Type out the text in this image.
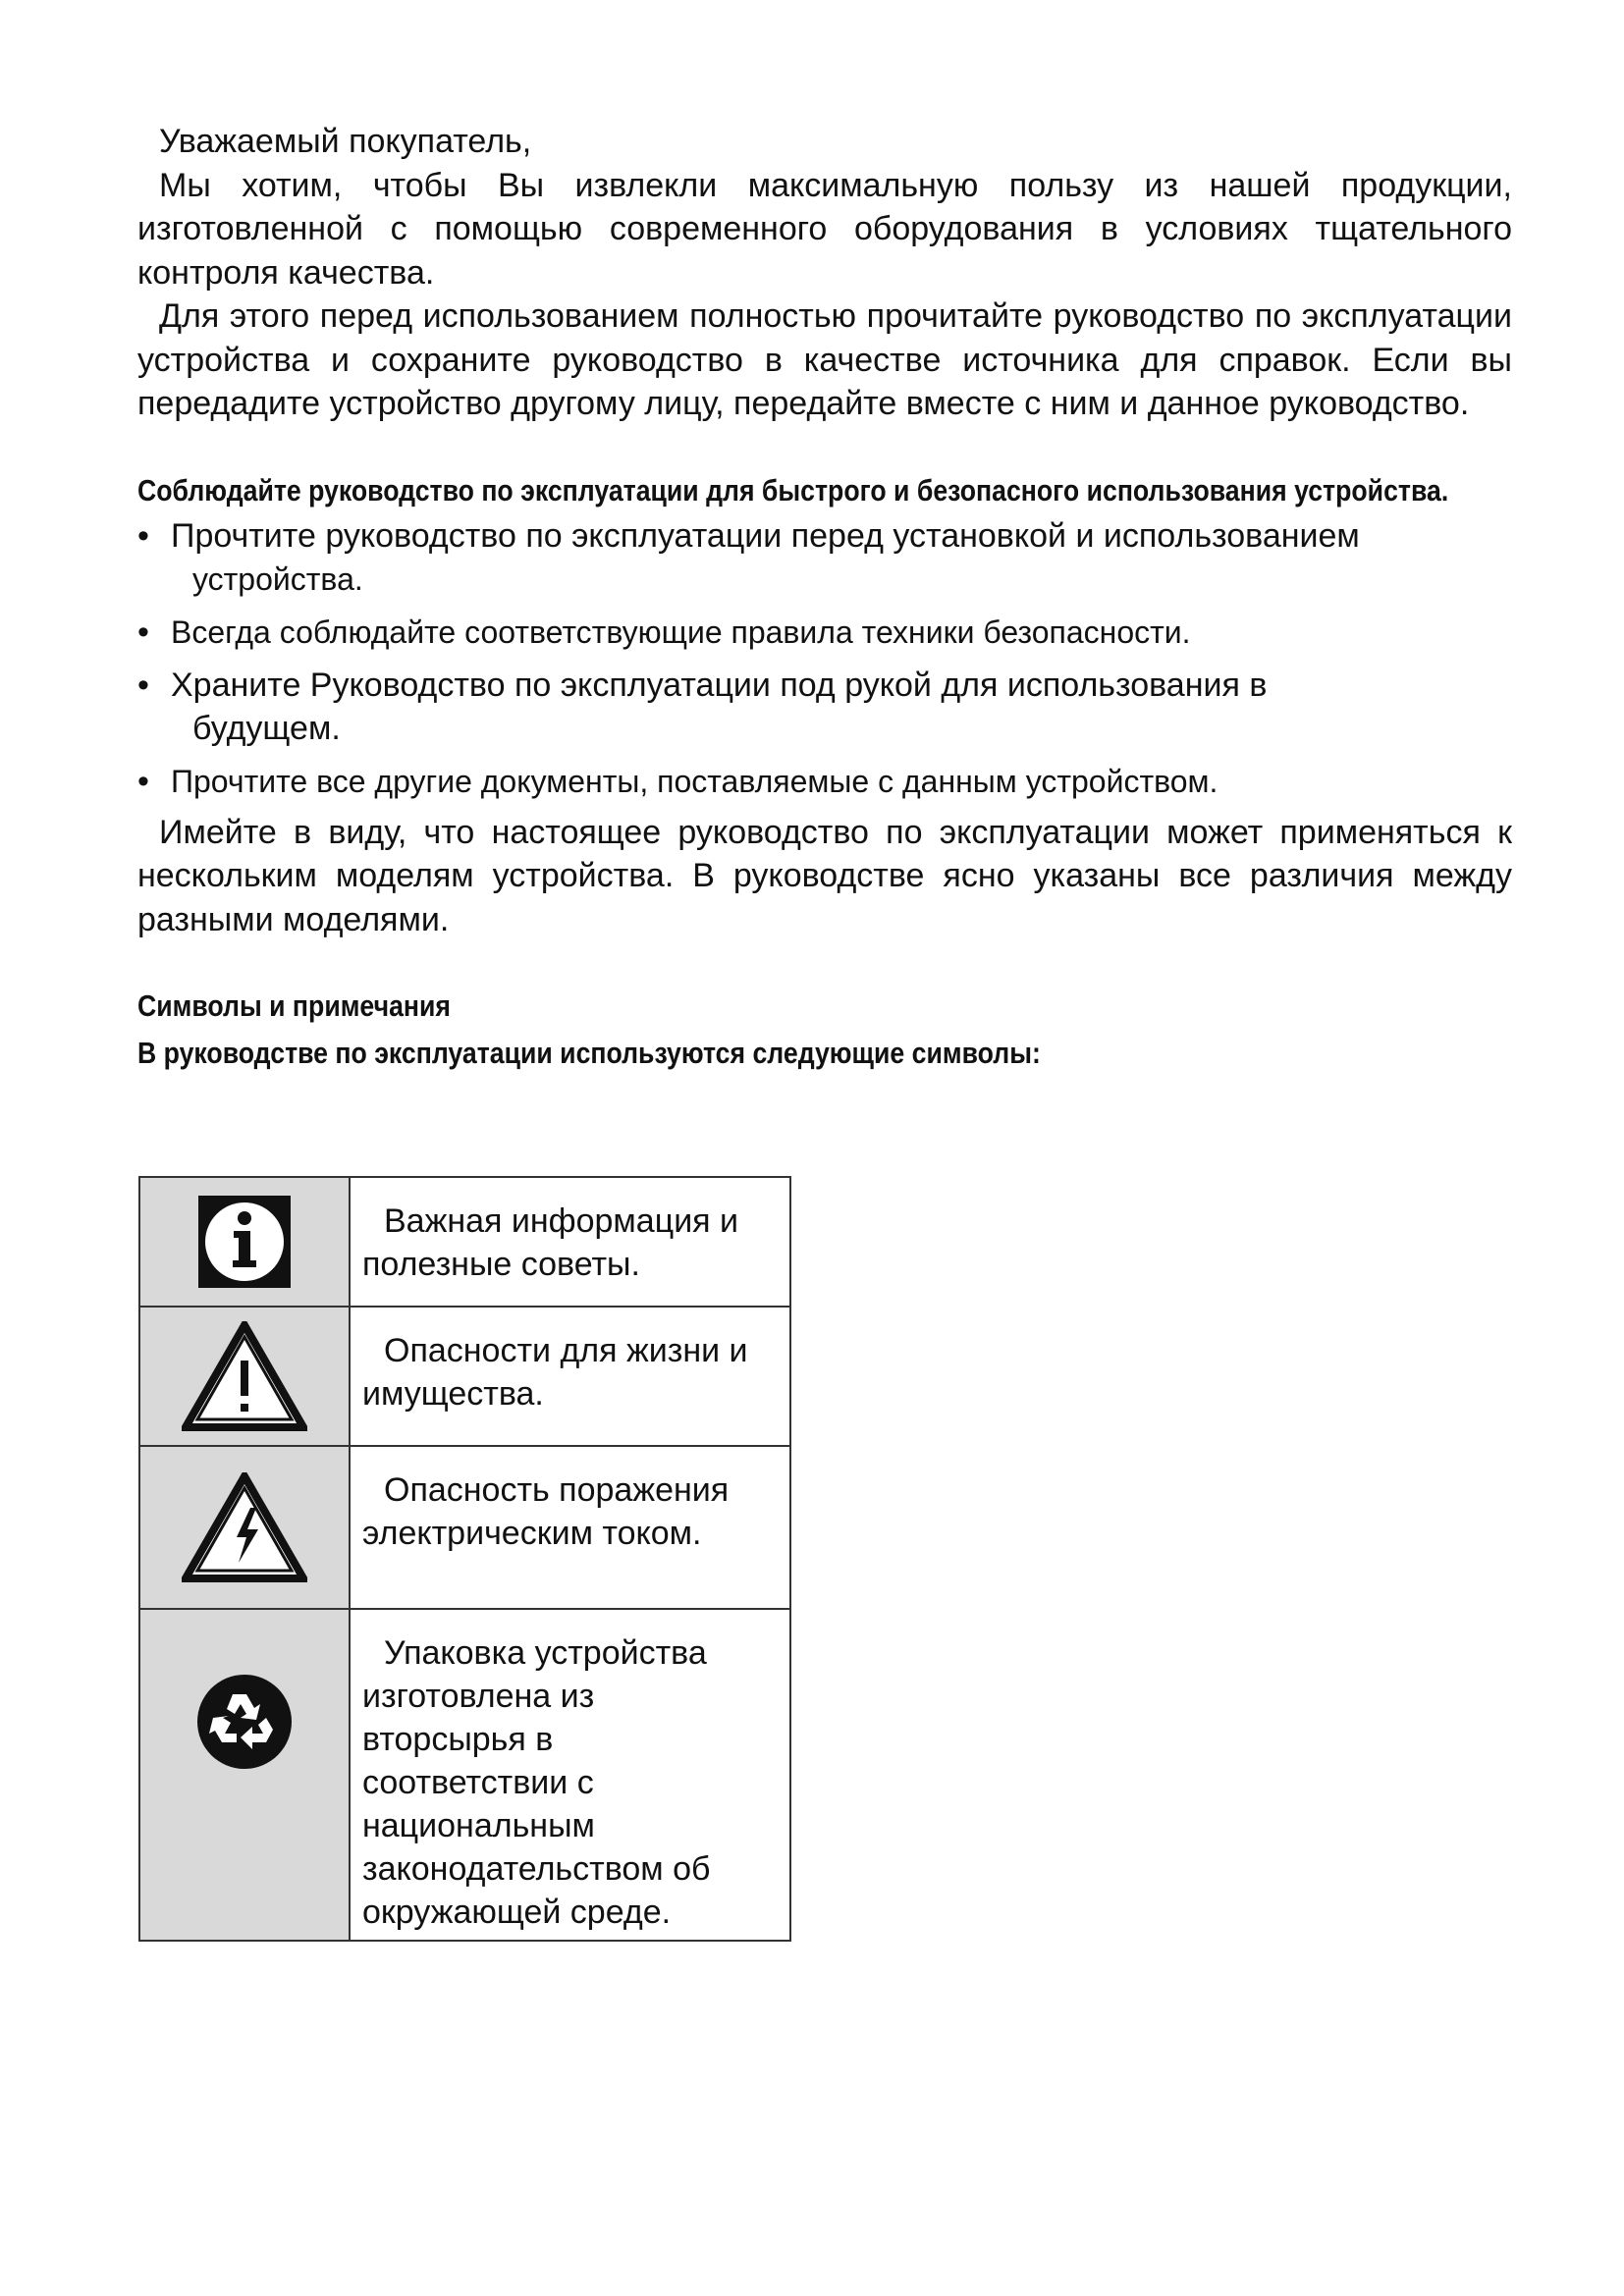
Уважаемый покупатель,

Мы хотим, чтобы Вы извлекли максимальную пользу из нашей продукции, изготовленной с помощью современного оборудования в условиях тщательного контроля качества.

Для этого перед использованием полностью прочитайте руководство по эксплуатации устройства и сохраните руководство в качестве источника для справок. Если вы передадите устройство другому лицу, передайте вместе с ним и данное руководство.

Соблюдайте руководство по эксплуатации для быстрого и безопасного использования устройства.

• Прочтите руководство по эксплуатации перед установкой и использованием
устройства.
• Всегда соблюдайте соответствующие правила техники безопасности.
• Храните Руководство по эксплуатации под рукой для использования в
будущем.
• Прочтите все другие документы, поставляемые с данным устройством.

Имейте в виду, что настоящее руководство по эксплуатации может применяться к нескольким моделям устройства. В руководстве ясно указаны все различия между разными моделями.

Символы и примечания

В руководстве по эксплуатации используются следующие символы:

Важная информация и
полезные советы.

Опасности для жизни и
имущества.

Опасность поражения
электрическим током.

Упаковка устройства
изготовлена из вторсырья в соответствии с национальным законодательством об окружающей среде.
